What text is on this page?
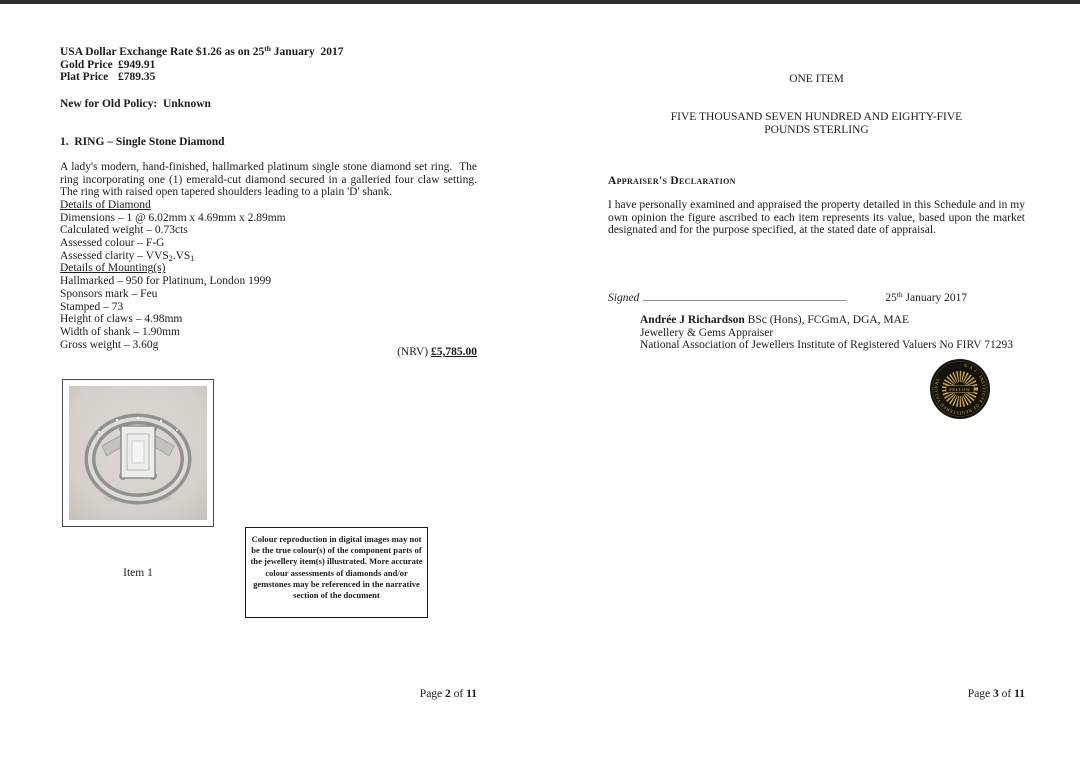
USA Dollar Exchange Rate $1.26 as on 25th January  2017
Gold Price £949.91
Plat Price £789.35
New for Old Policy:  Unknown
1.  RING – Single Stone Diamond
A lady's modern, hand-finished, hallmarked platinum single stone diamond set ring.  The ring incorporating one (1) emerald-cut diamond secured in a galleried four claw setting.  The ring with raised open tapered shoulders leading to a plain 'D' shank.
Details of Diamond
Dimensions – 1 @ 6.02mm x 4.69mm x 2.89mm
Calculated weight – 0.73cts
Assessed colour – F-G
Assessed clarity – $VVS_2.VS_1$
Details of Mounting(s)
Hallmarked – 950 for Platinum, London 1999
Sponsors mark – Feu
Stamped – 73
Height of claws – 4.98mm
Width of shank – 1.90mm
Gross weight – 3.60g
(NRV) £5,785.00
Item 1
Colour reproduction in digital images may not be the true colour(s) of the component parts of the jewellery item(s) illustrated. More accurate colour assessments of diamonds and/or gemstones may be referenced in the narrative section of the document
Page 2 of 11
ONE ITEM
FIVE THOUSAND SEVEN HUNDRED AND EIGHTY-FIVE
POUNDS STERLING
Appraiser's Declaration
I have personally examined and appraised the property detailed in this Schedule and in my own opinion the figure ascribed to each item represents its value, based upon the market designated and for the purpose specified, at the stated date of appraisal.
Signed	25th January 2017
Andrée J Richardson BSc (Hons), FCGmA, DGA, MAE
Jewellery & Gems Appraiser
National Association of Jewellers Institute of Registered Valuers No FIRV 71293
· N·A·J · INSTITUTE OF REGISTERED VALUERS
FELLOW
Page 3 of 11
